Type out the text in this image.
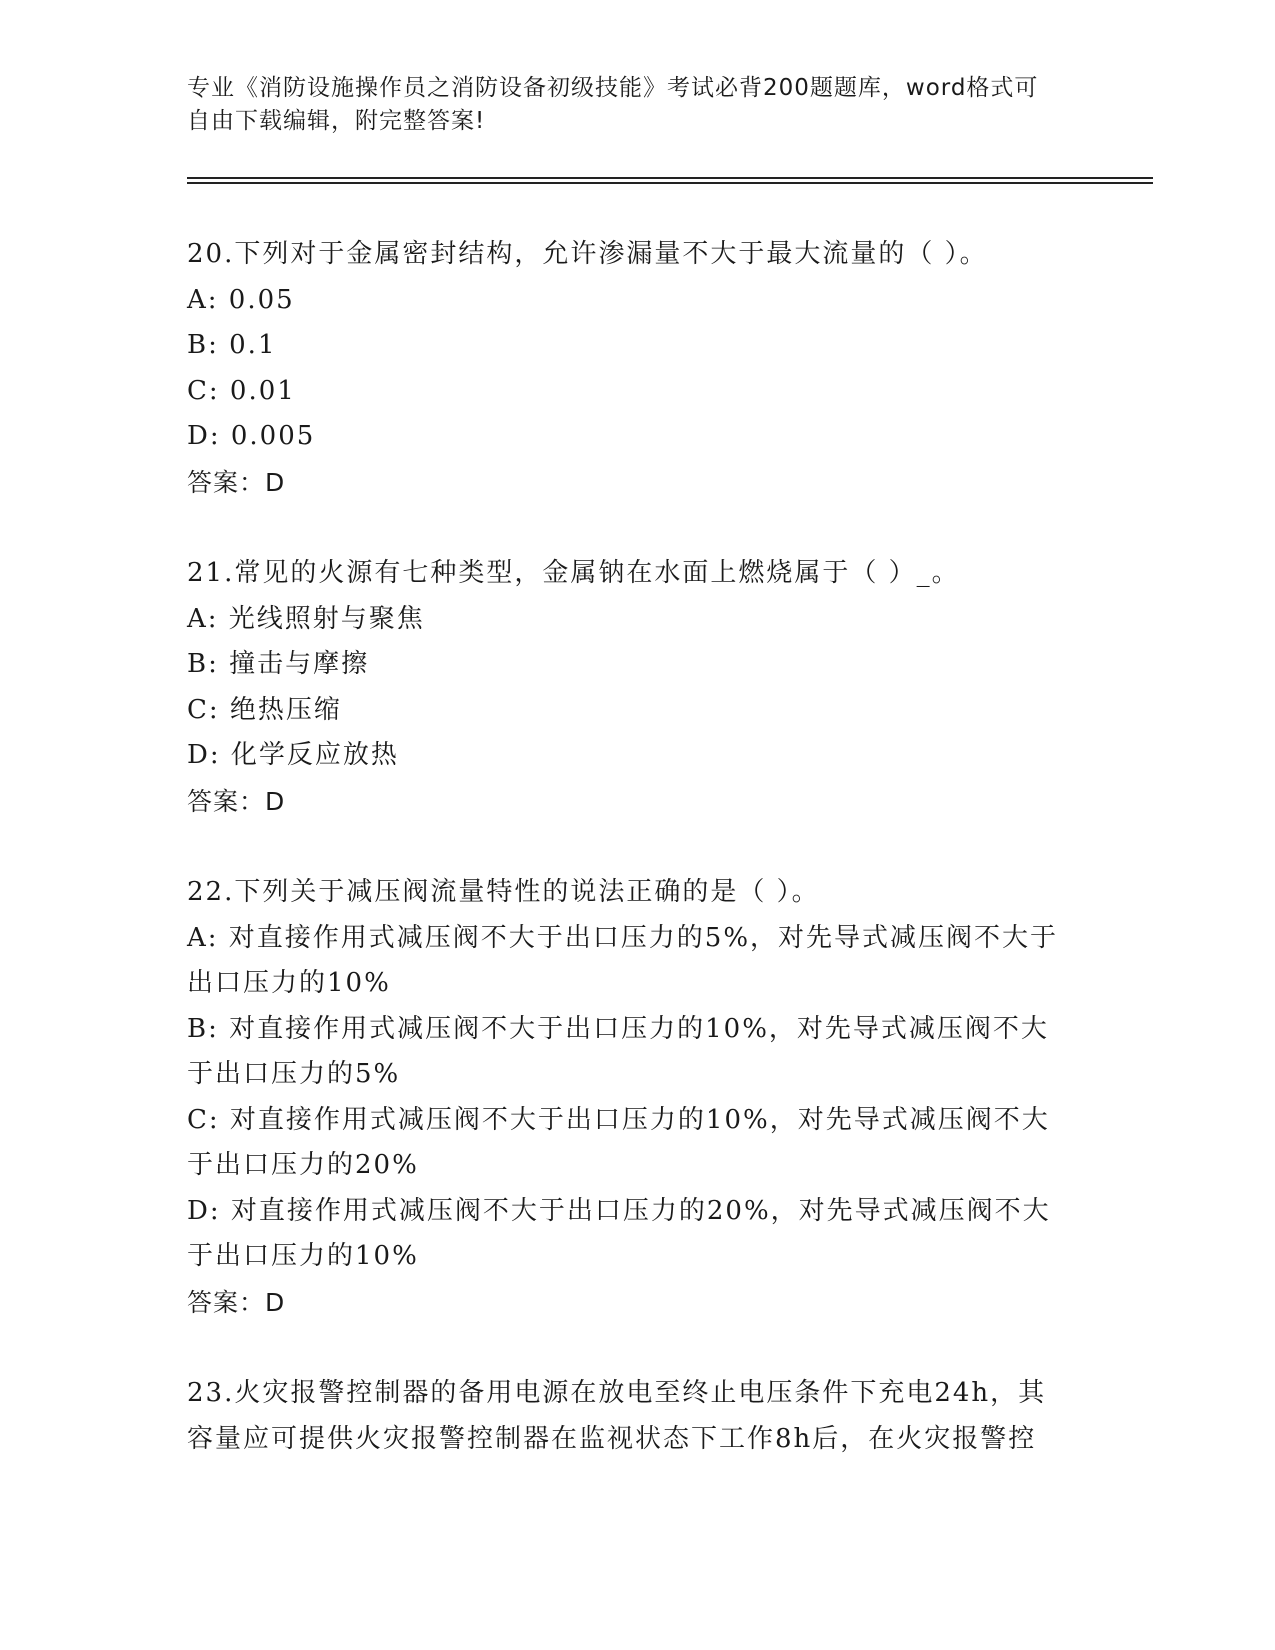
专业《消防设施操作员之消防设备初级技能》考试必背200题题库，word格式可
自由下载编辑，附完整答案!
20.下列对于金属密封结构，允许渗漏量不大于最大流量的（ ）。
A: 0.05
B: 0.1
C: 0.01
D: 0.005
答案：D
21.常见的火源有七种类型，金属钠在水面上燃烧属于（ ）_。
A: 光线照射与聚焦
B: 撞击与摩擦
C: 绝热压缩
D: 化学反应放热
答案：D
22.下列关于减压阀流量特性的说法正确的是（ ）。
A: 对直接作用式减压阀不大于出口压力的5%，对先导式减压阀不大于
出口压力的10%
B: 对直接作用式减压阀不大于出口压力的10%，对先导式减压阀不大
于出口压力的5%
C: 对直接作用式减压阀不大于出口压力的10%，对先导式减压阀不大
于出口压力的20%
D: 对直接作用式减压阀不大于出口压力的20%，对先导式减压阀不大
于出口压力的10%
答案：D
23.火灾报警控制器的备用电源在放电至终止电压条件下充电24h，其
容量应可提供火灾报警控制器在监视状态下工作8h后，在火灾报警控
